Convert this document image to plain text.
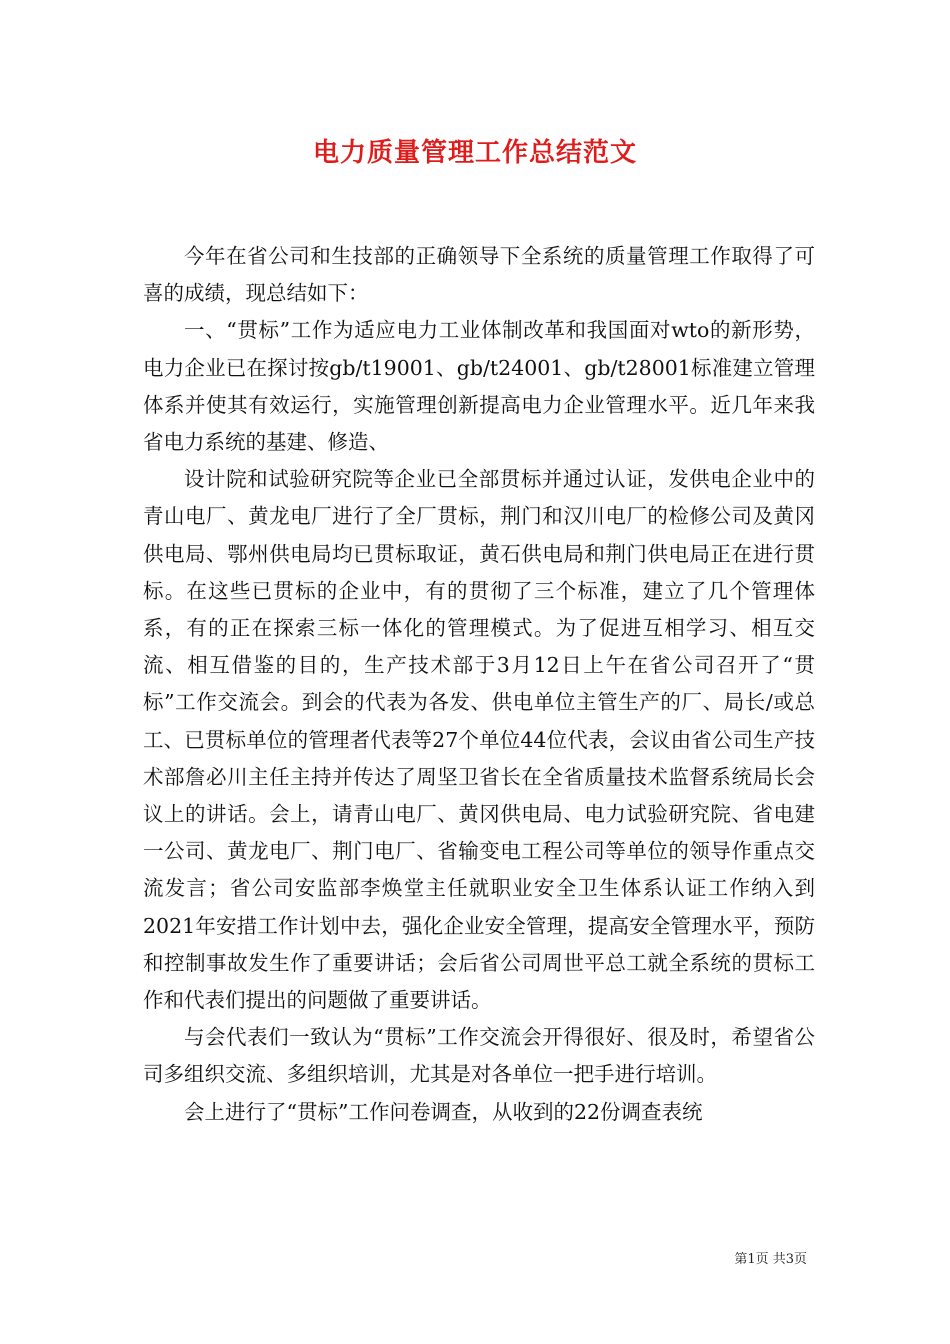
电力质量管理工作总结范文

今年在省公司和生技部的正确领导下全系统的质量管理工作取得了可喜的成绩，现总结如下：

一、“贯标”工作为适应电力工业体制改革和我国面对wto的新形势，电力企业已在探讨按gb/t19001、gb/t24001、gb/t28001标准建立管理体系并使其有效运行，实施管理创新提高电力企业管理水平。近几年来我省电力系统的基建、修造、

设计院和试验研究院等企业已全部贯标并通过认证，发供电企业中的青山电厂、黄龙电厂进行了全厂贯标，荆门和汉川电厂的检修公司及黄冈供电局、鄂州供电局均已贯标取证，黄石供电局和荆门供电局正在进行贯标。在这些已贯标的企业中，有的贯彻了三个标准，建立了几个管理体系，有的正在探索三标一体化的管理模式。为了促进互相学习、相互交流、相互借鉴的目的，生产技术部于3月12日上午在省公司召开了“贯标”工作交流会。到会的代表为各发、供电单位主管生产的厂、局长/或总工、已贯标单位的管理者代表等27个单位44位代表，会议由省公司生产技术部詹必川主任主持并传达了周坚卫省长在全省质量技术监督系统局长会议上的讲话。会上，请青山电厂、黄冈供电局、电力试验研究院、省电建一公司、黄龙电厂、荆门电厂、省输变电工程公司等单位的领导作重点交流发言；省公司安监部李焕堂主任就职业安全卫生体系认证工作纳入到2021年安措工作计划中去，强化企业安全管理，提高安全管理水平，预防和控制事故发生作了重要讲话；会后省公司周世平总工就全系统的贯标工作和代表们提出的问题做了重要讲话。

与会代表们一致认为“贯标”工作交流会开得很好、很及时，希望省公司多组织交流、多组织培训，尤其是对各单位一把手进行培训。

会上进行了“贯标”工作问卷调查，从收到的22份调查表统

第1页 共3页
